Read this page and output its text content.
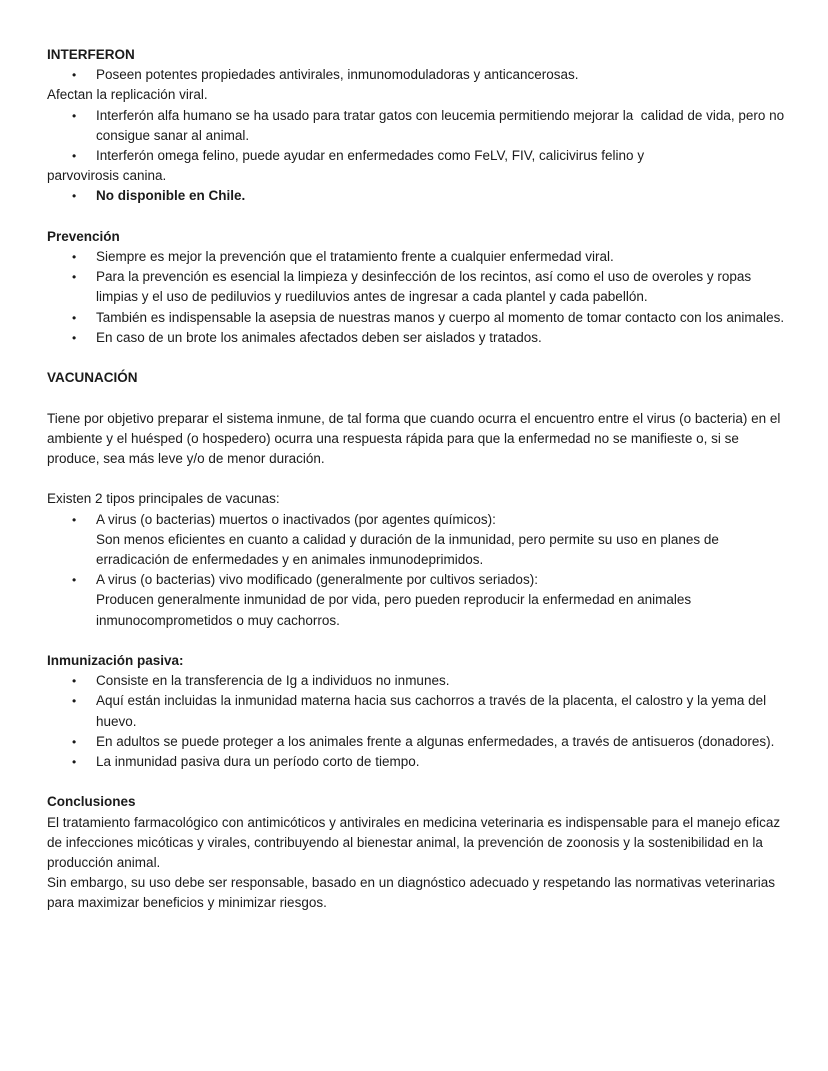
INTERFERON
• Poseen potentes propiedades antivirales, inmunomoduladoras y anticancerosas.
Afectan la replicación viral.
• Interferón alfa humano se ha usado para tratar gatos con leucemia permitiendo mejorar la  calidad de vida, pero no consigue sanar al animal.
• Interferón omega felino, puede ayudar en enfermedades como FeLV, FIV, calicivirus felino y
parvovirosis canina.
• No disponible en Chile.
Prevención
• Siempre es mejor la prevención que el tratamiento frente a cualquier enfermedad viral.
• Para la prevención es esencial la limpieza y desinfección de los recintos, así como el uso de overoles y ropas limpias y el uso de pediluvios y ruediluvios antes de ingresar a cada plantel y cada pabellón.
• También es indispensable la asepsia de nuestras manos y cuerpo al momento de tomar contacto con los animales.
• En caso de un brote los animales afectados deben ser aislados y tratados.
VACUNACIÓN
Tiene por objetivo preparar el sistema inmune, de tal forma que cuando ocurra el encuentro entre el virus (o bacteria) en el ambiente y el huésped (o hospedero) ocurra una respuesta rápida para que la enfermedad no se manifieste o, si se produce, sea más leve y/o de menor duración.
Existen 2 tipos principales de vacunas:
• A virus (o bacterias) muertos o inactivados (por agentes químicos):
Son menos eficientes en cuanto a calidad y duración de la inmunidad, pero permite su uso en planes de erradicación de enfermedades y en animales inmunodeprimidos.
• A virus (o bacterias) vivo modificado (generalmente por cultivos seriados):
Producen generalmente inmunidad de por vida, pero pueden reproducir la enfermedad en animales inmunocomprometidos o muy cachorros.
Inmunización pasiva:
• Consiste en la transferencia de Ig a individuos no inmunes.
• Aquí están incluidas la inmunidad materna hacia sus cachorros a través de la placenta, el calostro y la yema del huevo.
• En adultos se puede proteger a los animales frente a algunas enfermedades, a través de antisueros (donadores).
• La inmunidad pasiva dura un período corto de tiempo.
Conclusiones
El tratamiento farmacológico con antimicóticos y antivirales en medicina veterinaria es indispensable para el manejo eficaz de infecciones micóticas y virales, contribuyendo al bienestar animal, la prevención de zoonosis y la sostenibilidad en la producción animal.
Sin embargo, su uso debe ser responsable, basado en un diagnóstico adecuado y respetando las normativas veterinarias para maximizar beneficios y minimizar riesgos.
